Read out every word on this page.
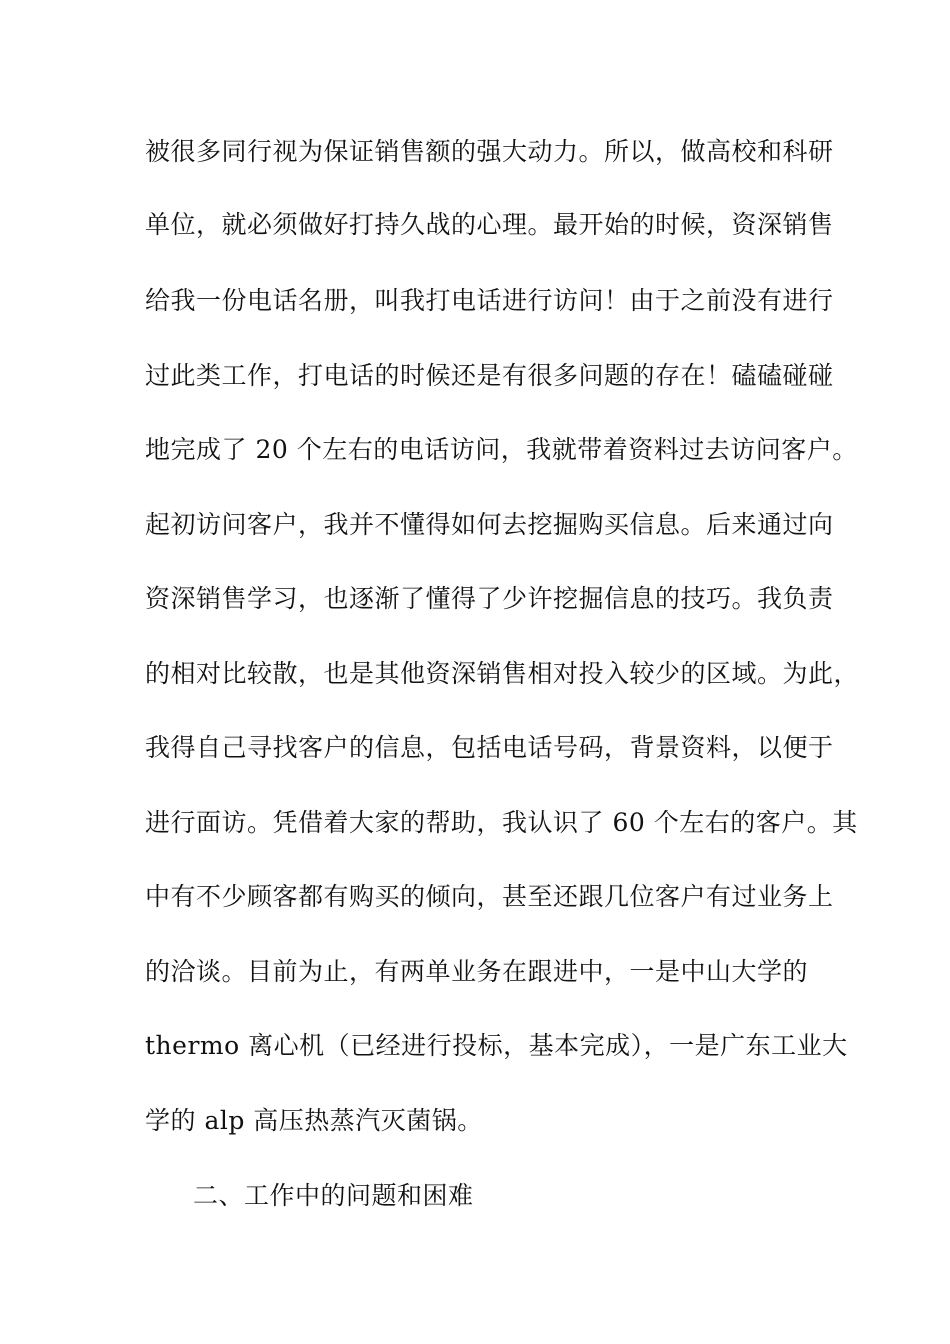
被很多同行视为保证销售额的强大动力。所以，做高校和科研
单位，就必须做好打持久战的心理。最开始的时候，资深销售
给我一份电话名册，叫我打电话进行访问！由于之前没有进行
过此类工作，打电话的时候还是有很多问题的存在！磕磕碰碰
地完成了 20 个左右的电话访问，我就带着资料过去访问客户。
起初访问客户，我并不懂得如何去挖掘购买信息。后来通过向
资深销售学习，也逐渐了懂得了少许挖掘信息的技巧。我负责
的相对比较散，也是其他资深销售相对投入较少的区域。为此，
我得自己寻找客户的信息，包括电话号码，背景资料，以便于
进行面访。凭借着大家的帮助，我认识了 60 个左右的客户。其
中有不少顾客都有购买的倾向，甚至还跟几位客户有过业务上
的洽谈。目前为止，有两单业务在跟进中，一是中山大学的
thermo 离心机（已经进行投标，基本完成），一是广东工业大
学的 alp 高压热蒸汽灭菌锅。
二、工作中的问题和困难
